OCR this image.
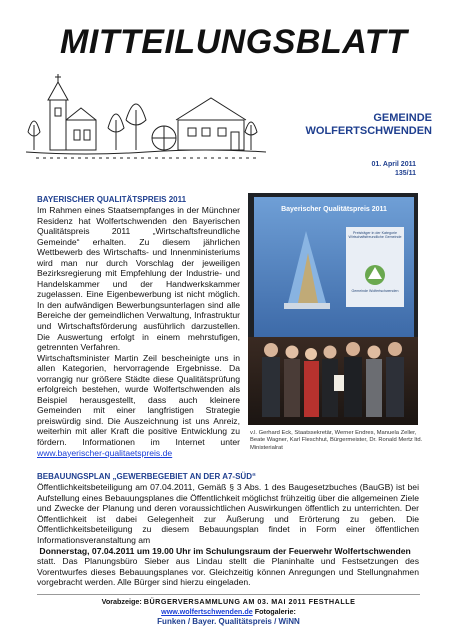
MITTEILUNGSBLATT
GEMEINDE
WOLFERTSCHWENDEN
01. April 2011
135/11
BAYERISCHER QUALITÄTSPREIS 2011

Im Rahmen eines Staatsempfanges in der Münchner Residenz hat Wolfertschwenden den Bayerischen Qualitätspreis 2011 „Wirtschaftsfreundliche Gemeinde“ erhalten. Zu diesem jährlichen Wettbewerb des Wirtschafts- und Innenministeriums wird man nur durch Vorschlag der jeweiligen Bezirksregierung mit Empfehlung der Industrie- und Handelskammer und der Handwerkskammer zugelassen. Eine Eigenbewerbung ist nicht möglich. In den aufwändigen Bewerbungsunterlagen sind alle Bereiche der gemeindlichen Verwaltung, Infrastruktur und Wirtschaftsförderung ausführlich darzustellen. Die Auswertung erfolgt in einem mehrstufigen, getrennten Verfahren.

Wirtschaftsminister Martin Zeil bescheinigte uns in allen Kategorien, hervorragende Ergebnisse. Da vorrangig nur größere Städte diese Qualitätsprüfung erfolgreich bestehen, wurde Wolfertschwenden als Beispiel herausgestellt, dass auch kleinere Gemeinden mit einer langfristigen Strategie preiswürdig sind. Die Auszeichnung ist uns Anreiz, weiterhin mit aller Kraft die positive Entwicklung zu fördern. Informationen im Internet unter www.bayerischer-qualitaetspreis.de

Bayerischer Qualitätspreis 2011
Preisträger in der Kategorie Wirtschaftsfreundliche Gemeinde
Gemeinde Wolfertschwenden
v.l. Gerhard Eck, Staatssekretär, Werner Endres, Manuela Zeller, Beate Wagner, Karl Fleschhut, Bürgermeister, Dr. Ronald Mertz ltd. Ministerialrat
BEBAUUNGSPLAN „GEWERBEGEBIET AN DER A7-SÜD“

Öffentlichkeitsbeteiligung am 07.04.2011, Gemäß § 3 Abs. 1 des Baugesetzbuches (BauGB) ist bei Aufstellung eines Bebauungsplanes die Öffentlichkeit möglichst frühzeitig über die allgemeinen Ziele und Zwecke der Planung und deren voraussichtlichen Auswirkungen öffentlich zu unterrichten. Der Öffentlichkeit ist dabei Gelegenheit zur Äußerung und Erörterung zu geben. Die Öffentlichkeitsbeteiligung zu diesem Bebauungsplan findet in Form einer öffentlichen Informationsveranstaltung am

Donnerstag, 07.04.2011 um 19.00 Uhr im Schulungsraum der Feuerwehr Wolfertschwenden

statt. Das Planungsbüro Sieber aus Lindau stellt die Planinhalte und Festsetzungen des Vorentwurfes dieses Bebauungsplanes vor. Gleichzeitig können Anregungen und Stellungnahmen vorgebracht werden. Alle Bürger sind hierzu eingeladen.

Vorabzeige: BÜRGERVERSAMMLUNG AM 03. MAI 2011 FESTHALLE
www.wolfertschwenden.de Fotogalerie:
Funken / Bayer. Qualitätspreis / WiNN
